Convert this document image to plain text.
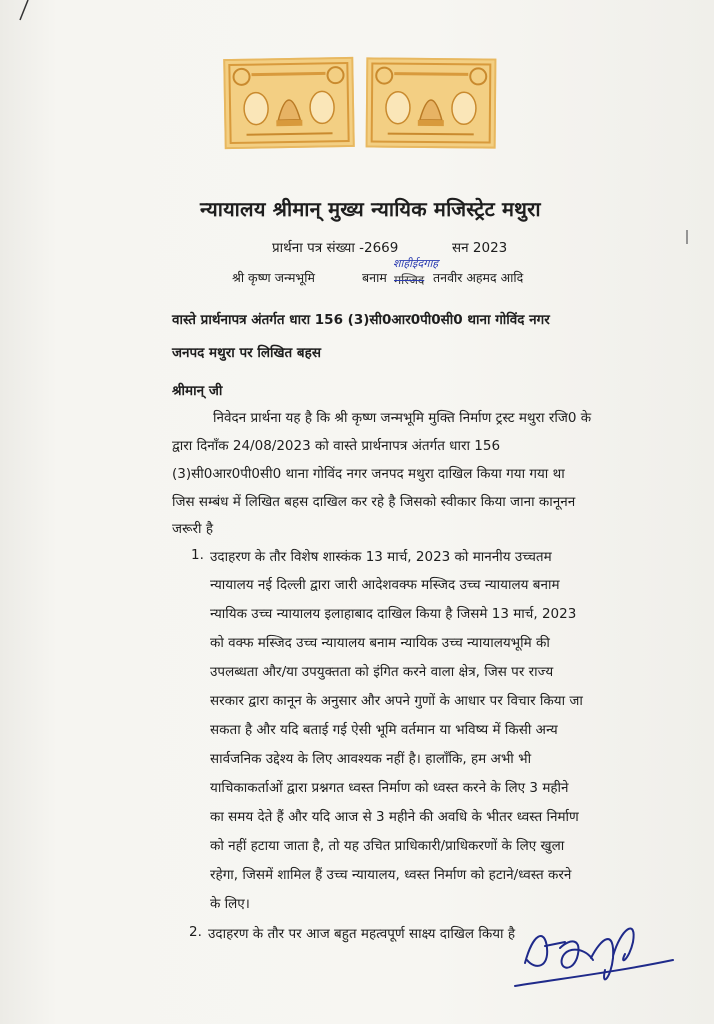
न्यायालय श्रीमान् मुख्य न्यायिक मजिस्ट्रेट मथुरा
प्रार्थना पत्र संख्या -2669	सन 2023
श्री कृष्ण जन्मभूमि	बनाम
शाहीईदगाह
मस्जिद तनवीर अहमद आदि
वास्ते प्रार्थनापत्र अंतर्गत धारा 156 (3)सी0आर0पी0सी0 थाना गोविंद नगर
जनपद मथुरा पर लिखित बहस
श्रीमान् जी
निवेदन प्रार्थना यह है कि श्री कृष्ण जन्मभूमि मुक्ति निर्माण ट्रस्ट मथुरा रजि0 के
द्वारा दिनाँक 24/08/2023 को वास्ते प्रार्थनापत्र अंतर्गत धारा 156
(3)सी0आर0पी0सी0 थाना गोविंद नगर जनपद मथुरा दाखिल किया गया गया था
जिस सम्बंध में लिखित बहस दाखिल कर रहे है जिसको स्वीकार किया जाना कानूनन
जरूरी है
1. उदाहरण के तौर विशेष शास्कंक 13 मार्च, 2023 को माननीय उच्चतम
न्यायालय नई दिल्ली द्वारा जारी आदेशवक्फ मस्जिद उच्च न्यायालय बनाम
न्यायिक उच्च न्यायालय इलाहाबाद दाखिल किया है जिसमे 13 मार्च, 2023
को वक्फ मस्जिद उच्च न्यायालय बनाम न्यायिक उच्च न्यायालयभूमि की
उपलब्धता और/या उपयुक्तता को इंगित करने वाला क्षेत्र, जिस पर राज्य
सरकार द्वारा कानून के अनुसार और अपने गुणों के आधार पर विचार किया जा
सकता है और यदि बताई गई ऐसी भूमि वर्तमान या भविष्य में किसी अन्य
सार्वजनिक उद्देश्य के लिए आवश्यक नहीं है। हालाँकि, हम अभी भी
याचिकाकर्ताओं द्वारा प्रश्नगत ध्वस्त निर्माण को ध्वस्त करने के लिए 3 महीने
का समय देते हैं और यदि आज से 3 महीने की अवधि के भीतर ध्वस्त निर्माण
को नहीं हटाया जाता है, तो यह उचित प्राधिकारी/प्राधिकरणों के लिए खुला
रहेगा, जिसमें शामिल हैं उच्च न्यायालय, ध्वस्त निर्माण को हटाने/ध्वस्त करने
के लिए।
2. उदाहरण के तौर पर आज बहुत महत्वपूर्ण साक्ष्य दाखिल किया है
